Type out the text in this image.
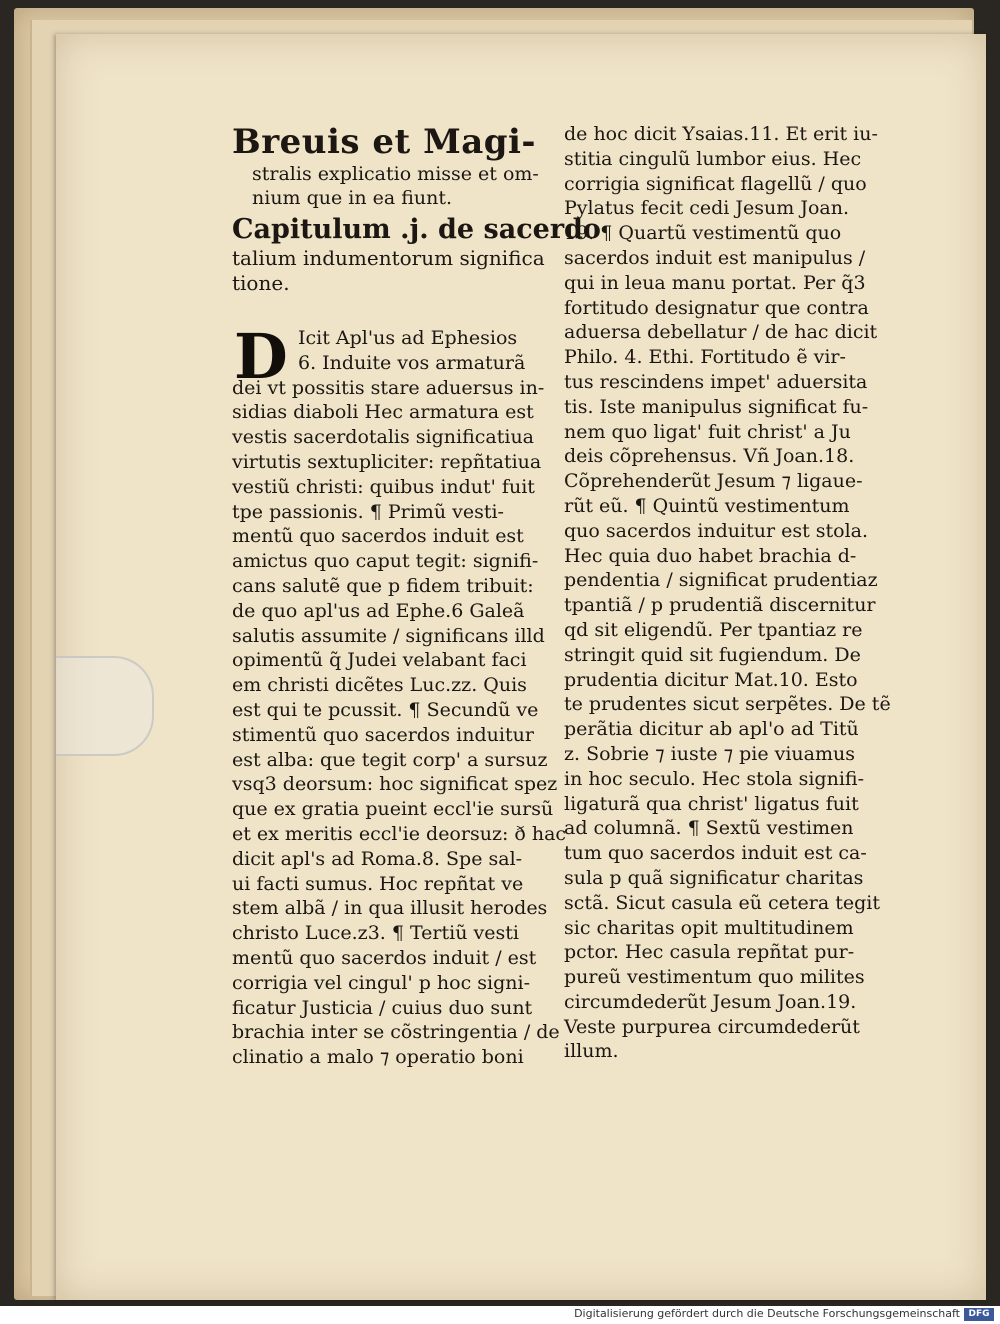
Breuis et Magi-
stralis explicatio misse et om-
nium que in ea fiunt.
Capitulum .j. de sacerdo
talium indumentorum significa
tione.
D Icit Apl'us ad Ephesios
6. Induite vos armaturã
dei vt possitis stare aduersus in-
sidias diaboli Hec armatura est
vestis sacerdotalis significatiua
virtutis sextupliciter: repñtatiua
vestiũ christi: quibus indut' fuit
tpe passionis. ¶ Primũ vesti-
mentũ quo sacerdos induit est
amictus quo caput tegit: signifi-
cans salutẽ que p fidem tribuit:
de quo apl'us ad Ephe.6 Galeã
salutis assumite / significans illd
opimentũ q̃ Judei velabant faci
em christi dicẽtes Luc.zz. Quis
est qui te pcussit. ¶ Secundũ ve
stimentũ quo sacerdos induitur
est alba: que tegit corp' a sursuz
vsq3 deorsum: hoc significat spez
que ex gratia pueint eccl'ie sursũ
et ex meritis eccl'ie deorsuz: ð hac
dicit apl's ad Roma.8. Spe sal-
ui facti sumus. Hoc repñtat ve
stem albã / in qua illusit herodes
christo Luce.z3. ¶ Tertiũ vesti
mentũ quo sacerdos induit / est
corrigia vel cingul' p hoc signi-
ficatur Justicia / cuius duo sunt
brachia inter se cõstringentia / de
clinatio a malo ⁊ operatio boni
de hoc dicit Ysaias.11. Et erit iu-
stitia cingulũ lumbor eius. Hec
corrigia significat flagellũ / quo
Pylatus fecit cedi Jesum Joan.
19. ¶ Quartũ vestimentũ quo
sacerdos induit est manipulus /
qui in leua manu portat. Per q̃3
fortitudo designatur que contra
aduersa debellatur / de hac dicit
Philo. 4. Ethi. Fortitudo ẽ vir-
tus rescindens impet' aduersita
tis. Iste manipulus significat fu-
nem quo ligat' fuit christ' a Ju
deis cõprehensus. Vñ Joan.18.
Cõprehenderũt Jesum ⁊ ligaue-
rũt eũ. ¶ Quintũ vestimentum
quo sacerdos induitur est stola.
Hec quia duo habet brachia d-
pendentia / significat prudentiaz
tpantiã / p prudentiã discernitur
qd sit eligendũ. Per tpantiaz re
stringit quid sit fugiendum. De
prudentia dicitur Mat.10. Esto
te prudentes sicut serpẽtes. De tẽ
perãtia dicitur ab apl'o ad Titũ
z. Sobrie ⁊ iuste ⁊ pie viuamus
in hoc seculo. Hec stola signifi-
ligaturã qua christ' ligatus fuit
ad columnã. ¶ Sextũ vestimen
tum quo sacerdos induit est ca-
sula p quã significatur charitas
sctã. Sicut casula eũ cetera tegit
sic charitas opit multitudinem
pctor. Hec casula repñtat pur-
pureũ vestimentum quo milites
circumdederũt Jesum Joan.19.
Veste purpurea circumdederũt
illum.
Digitalisierung gefördert durch die Deutsche Forschungsgemeinschaft DFG
